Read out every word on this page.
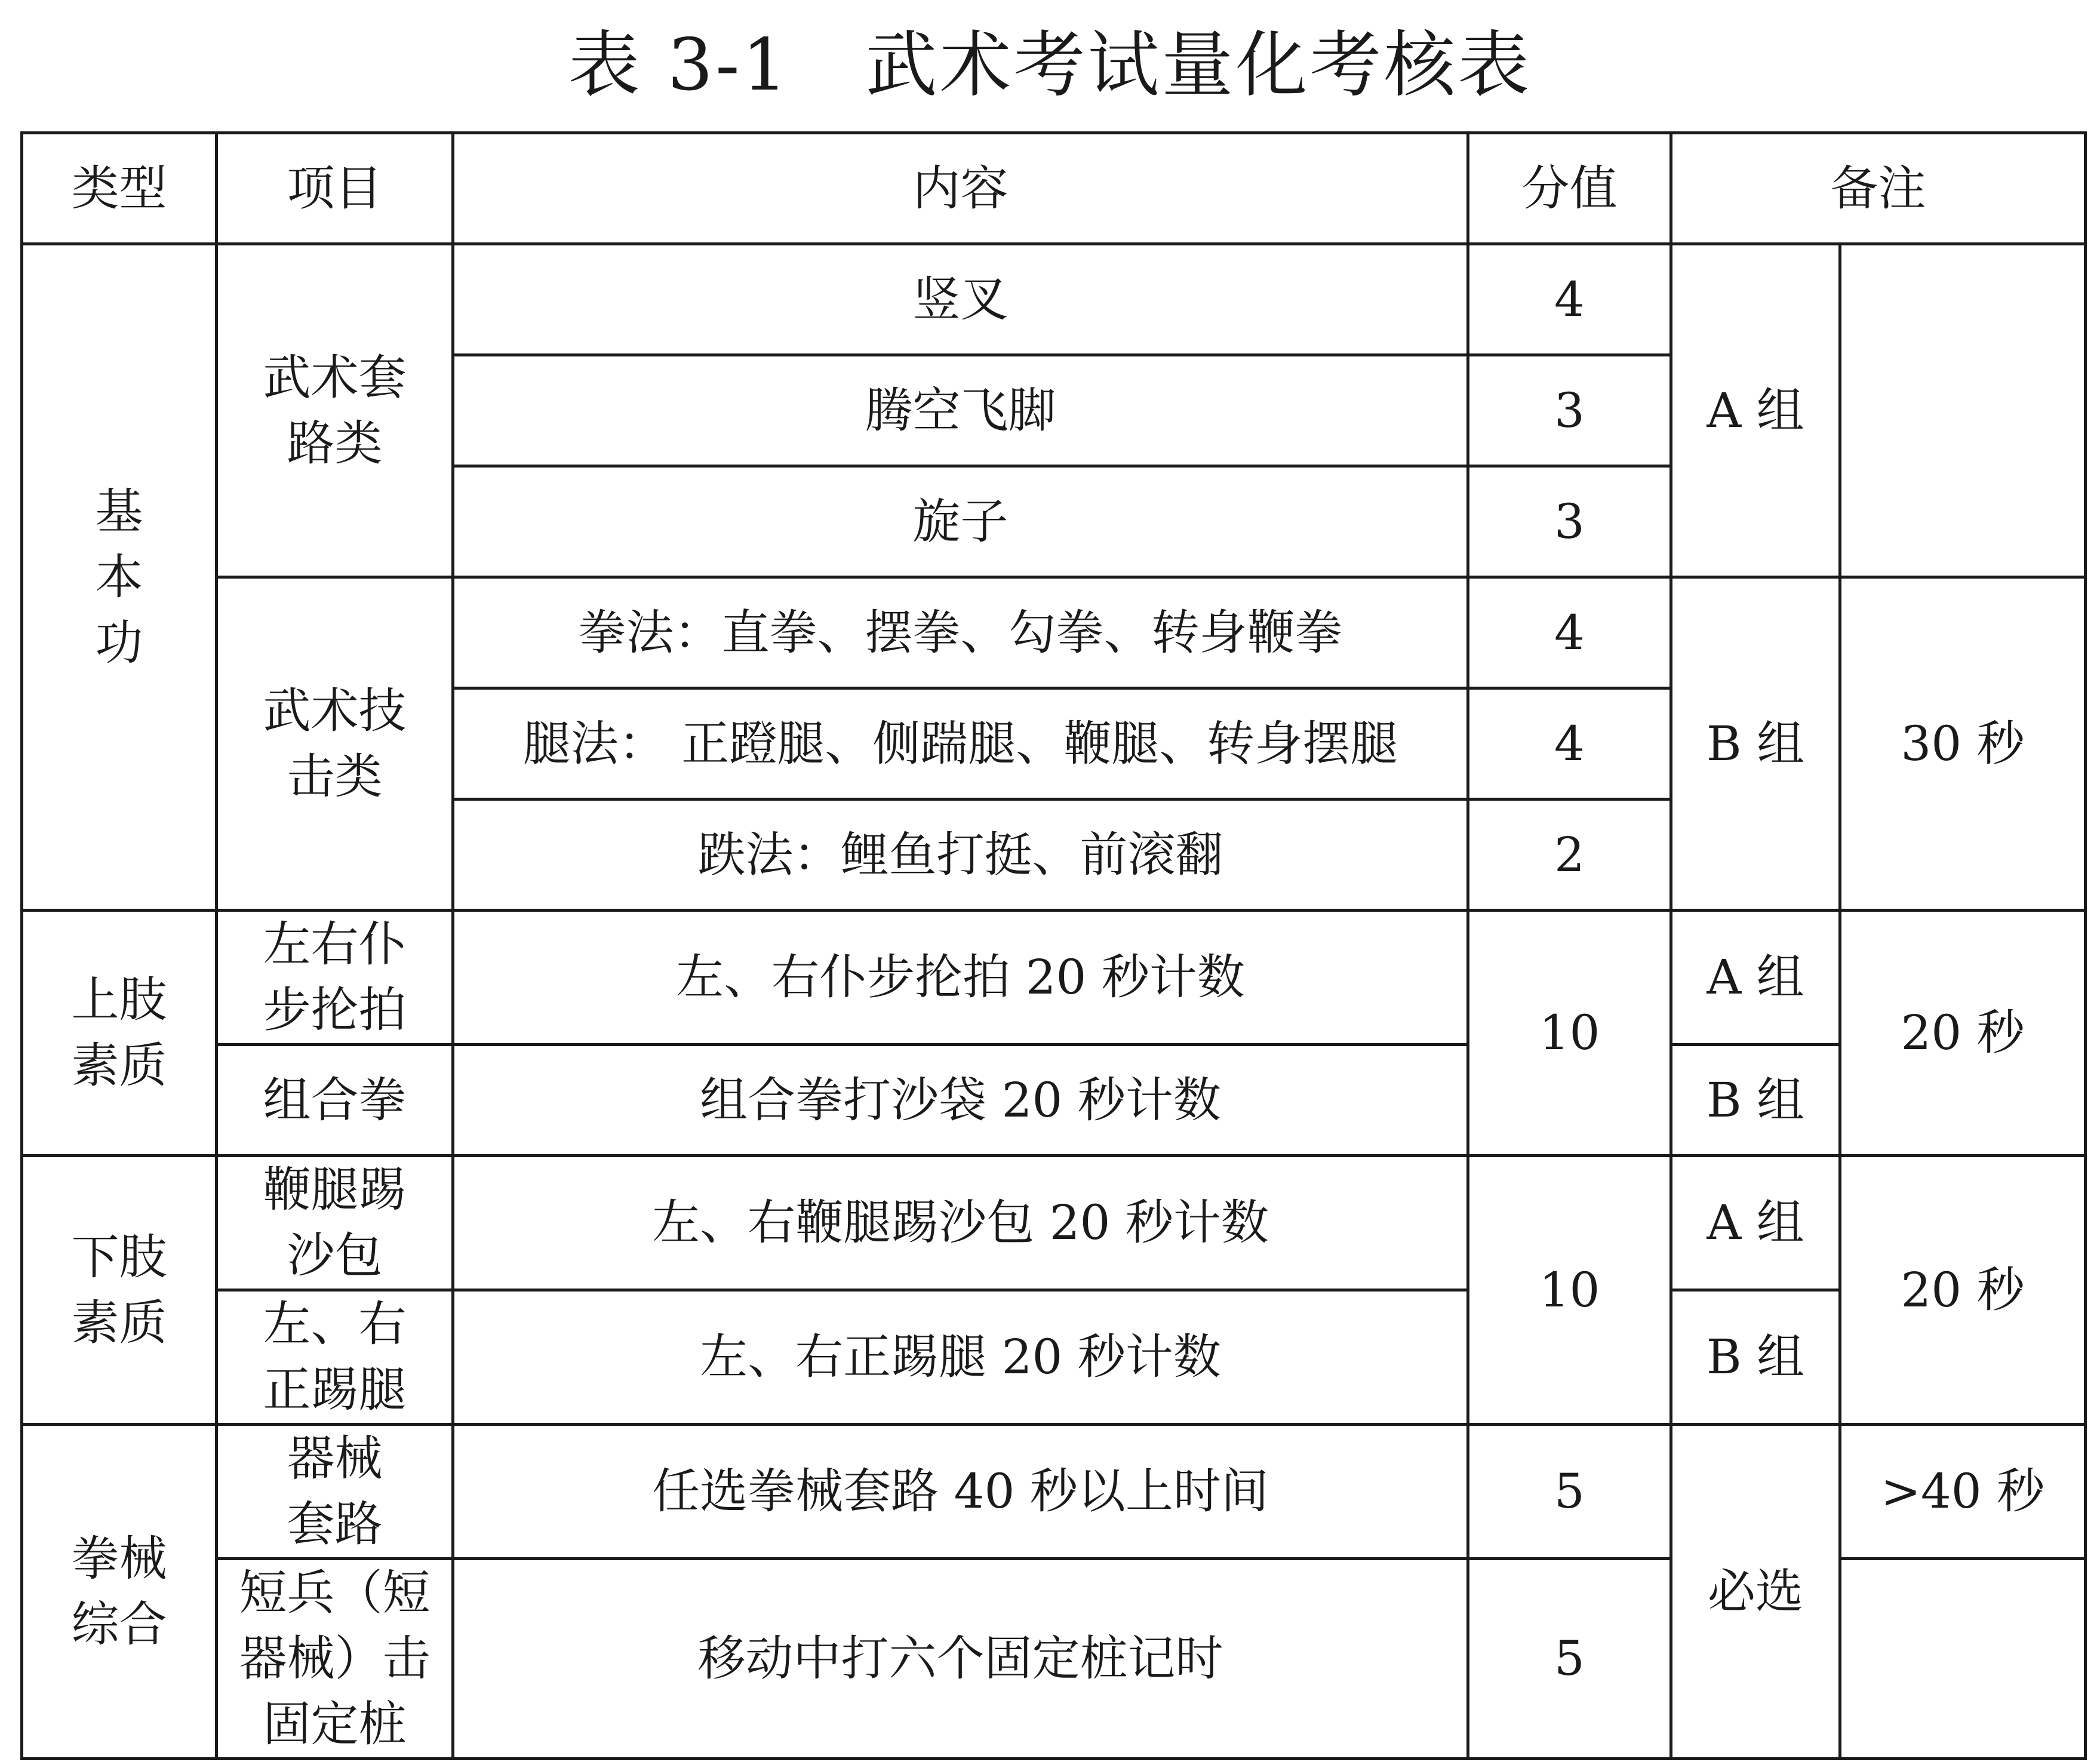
表 3-1   武术考试量化考核表
类型	项目	内容	分值	备注	

基本功	武术套路类	竖叉	4	A 组	
		腾空飞脚	3		
		旋子	3		

	武术技击类	拳法：直拳、摆拳、勾拳、转身鞭拳	4	B 组	30 秒
		腿法： 正蹬腿、侧踹腿、鞭腿、转身摆腿	4		
		跌法：鲤鱼打挺、前滚翻	2		

上肢素质	左右仆步抡拍	左、右仆步抡拍 20 秒计数	10	A 组	20 秒
	组合拳	组合拳打沙袋 20 秒计数		B 组	

下肢素质	鞭腿踢沙包	左、右鞭腿踢沙包 20 秒计数	10	A 组	20 秒

	左、右正踢腿	左、右正踢腿 20 秒计数		B 组	

拳械综合	器械套路	任选拳械套路 40 秒以上时间	5	必选	>40 秒

	短兵（短器械）击固定桩	移动中打六个固定桩记时	5		
